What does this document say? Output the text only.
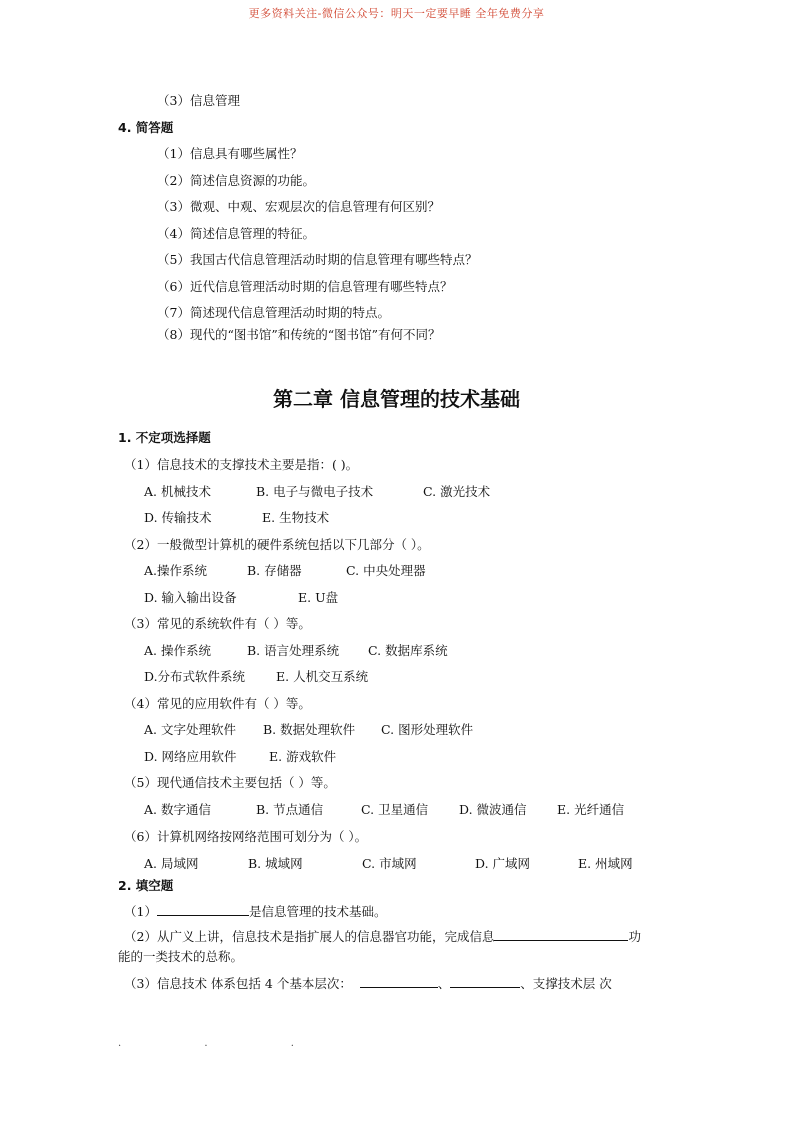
更多资料关注-微信公众号：明天一定要早睡 全年免费分享
（3）信息管理
4. 简答题
（1）信息具有哪些属性？
（2）简述信息资源的功能。
（3）微观、中观、宏观层次的信息管理有何区别？
（4）简述信息管理的特征。
（5）我国古代信息管理活动时期的信息管理有哪些特点？
（6）近代信息管理活动时期的信息管理有哪些特点？
（7）简述现代信息管理活动时期的特点。
（8）现代的“图书馆”和传统的“图书馆”有何不同？
第二章 信息管理的技术基础
1. 不定项选择题
（1）信息技术的支撑技术主要是指：( )。
A. 机械技术	B. 电子与微电子技术	C. 激光技术
D. 传输技术	E. 生物技术
（2）一般微型计算机的硬件系统包括以下几部分（ ）。
A.操作系统	B. 存储器	C. 中央处理器
D. 输入输出设备	E. U盘
（3）常见的系统软件有（ ）等。
A. 操作系统	B. 语言处理系统 C. 数据库系统
D.分布式软件系统 E. 人机交互系统
（4）常见的应用软件有（ ）等。
A. 文字处理软件 B. 数据处理软件 C. 图形处理软件
D. 网络应用软件	E. 游戏软件
（5）现代通信技术主要包括（ ）等。
A. 数字通信	B. 节点通信	C. 卫星通信 D. 微波通信 E. 光纤通信
（6）计算机网络按网络范围可划分为（ ）。
A. 局域网	B. 城域网	C. 市域网	D. 广域网	E. 州域网
2. 填空题
（1）	是信息管理的技术基础。
（2）从广义上讲，信息技术是指扩展人的信息器官功能，完成信息	功
能的一类技术的总称。
（3）信息技术 体系包括 4 个基本层次：	、	、支撑技术层 次
. . .
